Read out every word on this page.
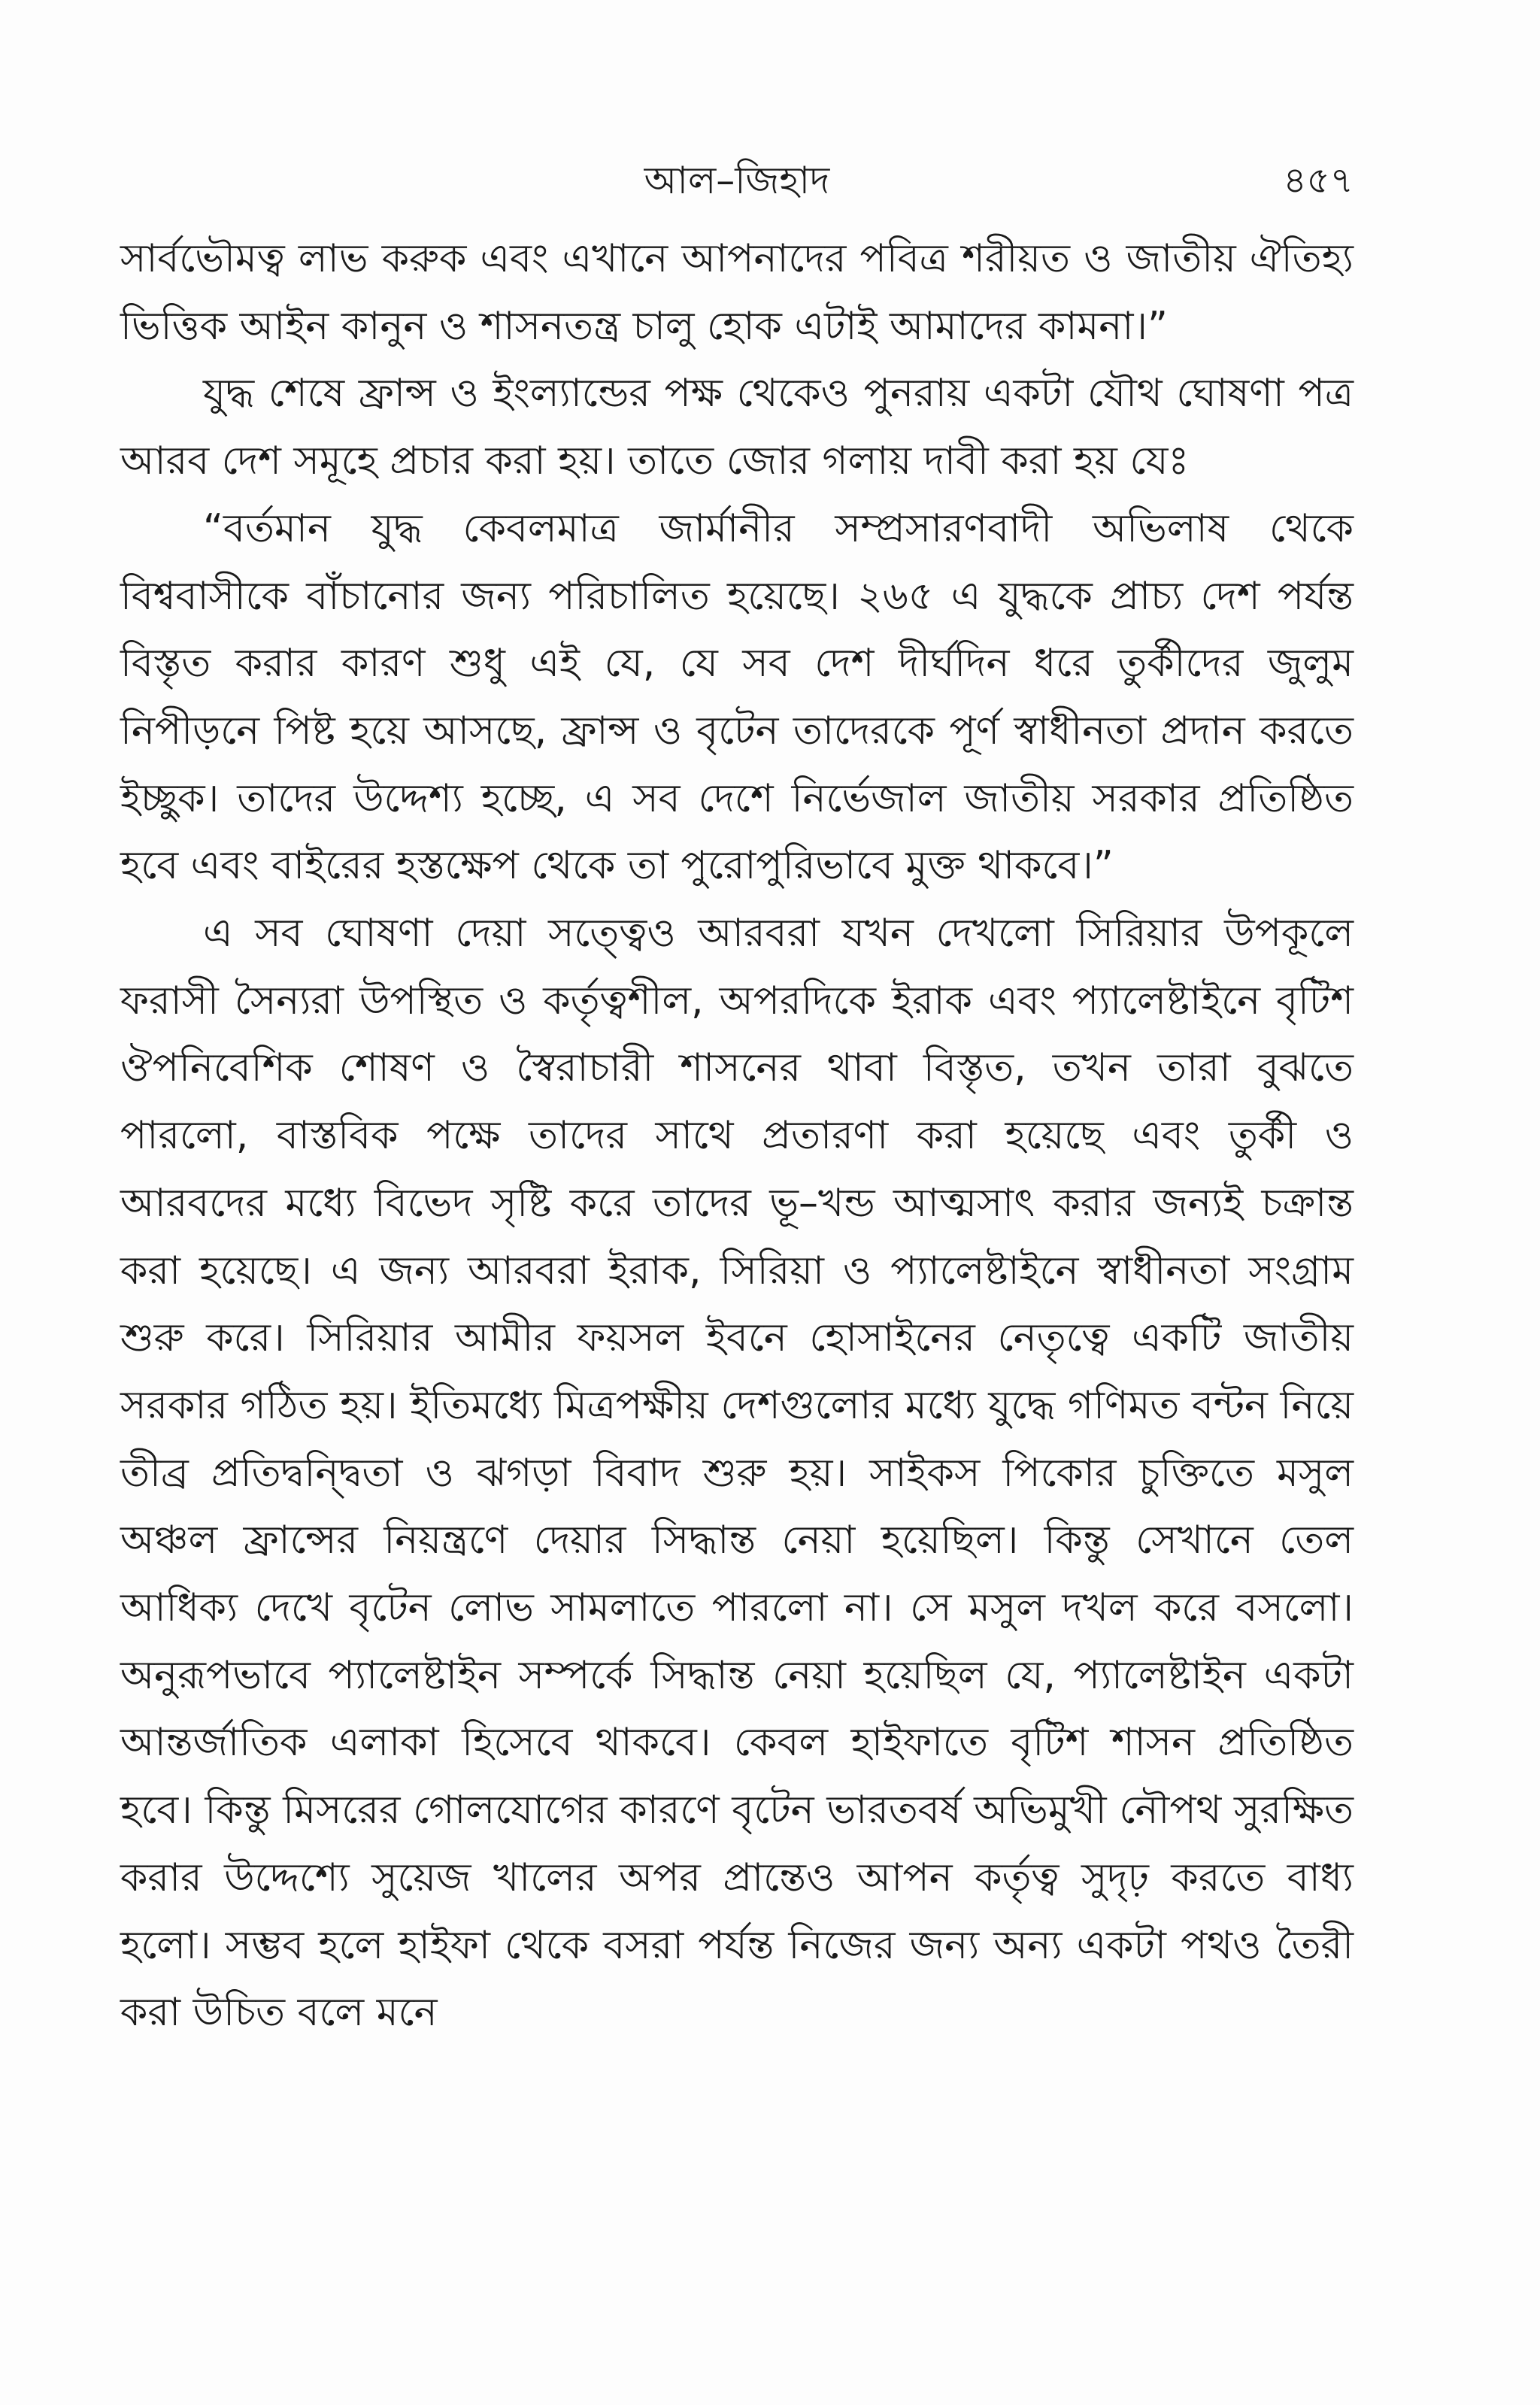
আল–জিহাদ	৪৫৭

সার্বভৌমত্ব লাভ করুক এবং এখানে আপনাদের পবিত্র শরীয়ত ও জাতীয় ঐতিহ্য ভিত্তিক আইন কানুন ও শাসনতন্ত্র চালু হোক এটাই আমাদের কামনা।”

যুদ্ধ শেষে ফ্রান্স ও ইংল্যান্ডের পক্ষ থেকেও পুনরায় একটা যৌথ ঘোষণা পত্র আরব দেশ সমূহে প্রচার করা হয়। তাতে জোর গলায় দাবী করা হয় যেঃ

“বর্তমান যুদ্ধ কেবলমাত্র জার্মানীর সম্প্রসারণবাদী অভিলাষ থেকে বিশ্ববাসীকে বাঁচানোর জন্য পরিচালিত হয়েছে। ২৬৫ এ যুদ্ধকে প্রাচ্য দেশ পর্যন্ত বিস্তৃত করার কারণ শুধু এই যে, যে সব দেশ দীর্ঘদিন ধরে তুর্কীদের জুলুম নিপীড়নে পিষ্ট হয়ে আসছে, ফ্রান্স ও বৃটেন তাদেরকে পূর্ণ স্বাধীনতা প্রদান করতে ইচ্ছুক। তাদের উদ্দেশ্য হচ্ছে, এ সব দেশে নির্ভেজাল জাতীয় সরকার প্রতিষ্ঠিত হবে এবং বাইরের হস্তক্ষেপ থেকে তা পুরোপুরিভাবে মুক্ত থাকবে।”

এ সব ঘোষণা দেয়া সত্ত্বেও আরবরা যখন দেখলো সিরিয়ার উপকূলে ফরাসী সৈন্যরা উপস্থিত ও কর্তৃত্বশীল, অপরদিকে ইরাক এবং প্যালেষ্টাইনে বৃটিশ ঔপনিবেশিক শোষণ ও স্বৈরাচারী শাসনের থাবা বিস্তৃত, তখন তারা বুঝতে পারলো, বাস্তবিক পক্ষে তাদের সাথে প্রতারণা করা হয়েছে এবং তুর্কী ও আরবদের মধ্যে বিভেদ সৃষ্টি করে তাদের ভূ–খন্ড আত্মসাৎ করার জন্যই চক্রান্ত করা হয়েছে। এ জন্য আরবরা ইরাক, সিরিয়া ও প্যালেষ্টাইনে স্বাধীনতা সংগ্রাম শুরু করে। সিরিয়ার আমীর ফয়সল ইবনে হোসাইনের নেতৃত্বে একটি জাতীয় সরকার গঠিত হয়। ইতিমধ্যে মিত্রপক্ষীয় দেশগুলোর মধ্যে যুদ্ধে গণিমত বন্টন নিয়ে তীব্র প্রতিদ্বন্দ্বিতা ও ঝগড়া বিবাদ শুরু হয়। সাইকস পিকোর চুক্তিতে মসুল অঞ্চল ফ্রান্সের নিয়ন্ত্রণে দেয়ার সিদ্ধান্ত নেয়া হয়েছিল। কিন্তু সেখানে তেল আধিক্য দেখে বৃটেন লোভ সামলাতে পারলো না। সে মসুল দখল করে বসলো। অনুরূপভাবে প্যালেষ্টাইন সম্পর্কে সিদ্ধান্ত নেয়া হয়েছিল যে, প্যালেষ্টাইন একটা আন্তর্জাতিক এলাকা হিসেবে থাকবে। কেবল হাইফাতে বৃটিশ শাসন প্রতিষ্ঠিত হবে। কিন্তু মিসরের গোলযোগের কারণে বৃটেন ভারতবর্ষ অভিমুখী নৌপথ সুরক্ষিত করার উদ্দেশ্যে সুয়েজ খালের অপর প্রান্তেও আপন কর্তৃত্ব সুদৃঢ় করতে বাধ্য হলো। সম্ভব হলে হাইফা থেকে বসরা পর্যন্ত নিজের জন্য অন্য একটা পথও তৈরী করা উচিত বলে মনে
